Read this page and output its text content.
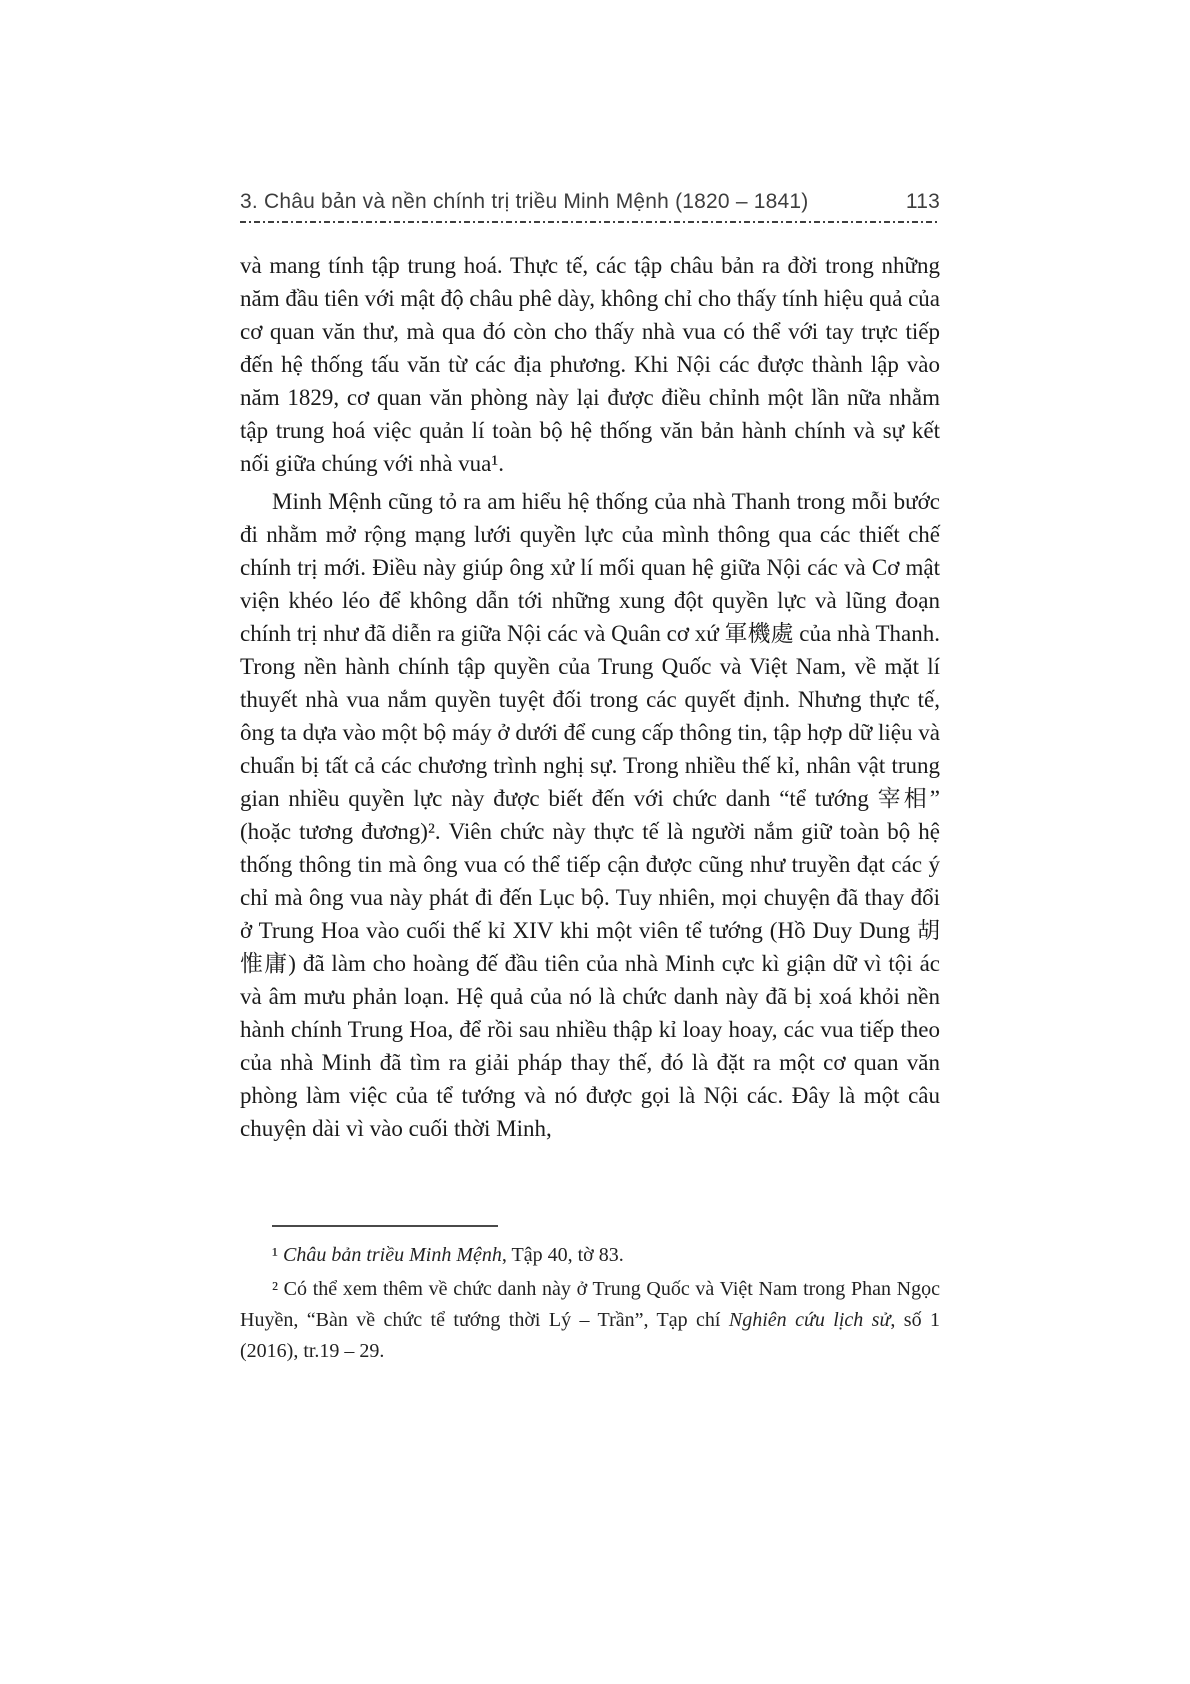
3. Châu bản và nền chính trị triều Minh Mệnh (1820 – 1841)	113

và mang tính tập trung hoá. Thực tế, các tập châu bản ra đời trong những năm đầu tiên với mật độ châu phê dày, không chỉ cho thấy tính hiệu quả của cơ quan văn thư, mà qua đó còn cho thấy nhà vua có thể với tay trực tiếp đến hệ thống tấu văn từ các địa phương. Khi Nội các được thành lập vào năm 1829, cơ quan văn phòng này lại được điều chỉnh một lần nữa nhằm tập trung hoá việc quản lí toàn bộ hệ thống văn bản hành chính và sự kết nối giữa chúng với nhà vua¹.

Minh Mệnh cũng tỏ ra am hiểu hệ thống của nhà Thanh trong mỗi bước đi nhằm mở rộng mạng lưới quyền lực của mình thông qua các thiết chế chính trị mới. Điều này giúp ông xử lí mối quan hệ giữa Nội các và Cơ mật viện khéo léo để không dẫn tới những xung đột quyền lực và lũng đoạn chính trị như đã diễn ra giữa Nội các và Quân cơ xứ 軍機處 của nhà Thanh. Trong nền hành chính tập quyền của Trung Quốc và Việt Nam, về mặt lí thuyết nhà vua nắm quyền tuyệt đối trong các quyết định. Nhưng thực tế, ông ta dựa vào một bộ máy ở dưới để cung cấp thông tin, tập hợp dữ liệu và chuẩn bị tất cả các chương trình nghị sự. Trong nhiều thế kỉ, nhân vật trung gian nhiều quyền lực này được biết đến với chức danh “tể tướng 宰相” (hoặc tương đương)². Viên chức này thực tế là người nắm giữ toàn bộ hệ thống thông tin mà ông vua có thể tiếp cận được cũng như truyền đạt các ý chỉ mà ông vua này phát đi đến Lục bộ. Tuy nhiên, mọi chuyện đã thay đổi ở Trung Hoa vào cuối thế kỉ XIV khi một viên tể tướng (Hồ Duy Dung 胡惟庸) đã làm cho hoàng đế đầu tiên của nhà Minh cực kì giận dữ vì tội ác và âm mưu phản loạn. Hệ quả của nó là chức danh này đã bị xoá khỏi nền hành chính Trung Hoa, để rồi sau nhiều thập kỉ loay hoay, các vua tiếp theo của nhà Minh đã tìm ra giải pháp thay thế, đó là đặt ra một cơ quan văn phòng làm việc của tể tướng và nó được gọi là Nội các. Đây là một câu chuyện dài vì vào cuối thời Minh,

¹ Châu bản triều Minh Mệnh, Tập 40, tờ 83.

² Có thể xem thêm về chức danh này ở Trung Quốc và Việt Nam trong Phan Ngọc Huyền, “Bàn về chức tể tướng thời Lý – Trần”, Tạp chí Nghiên cứu lịch sử, số 1 (2016), tr.19 – 29.
